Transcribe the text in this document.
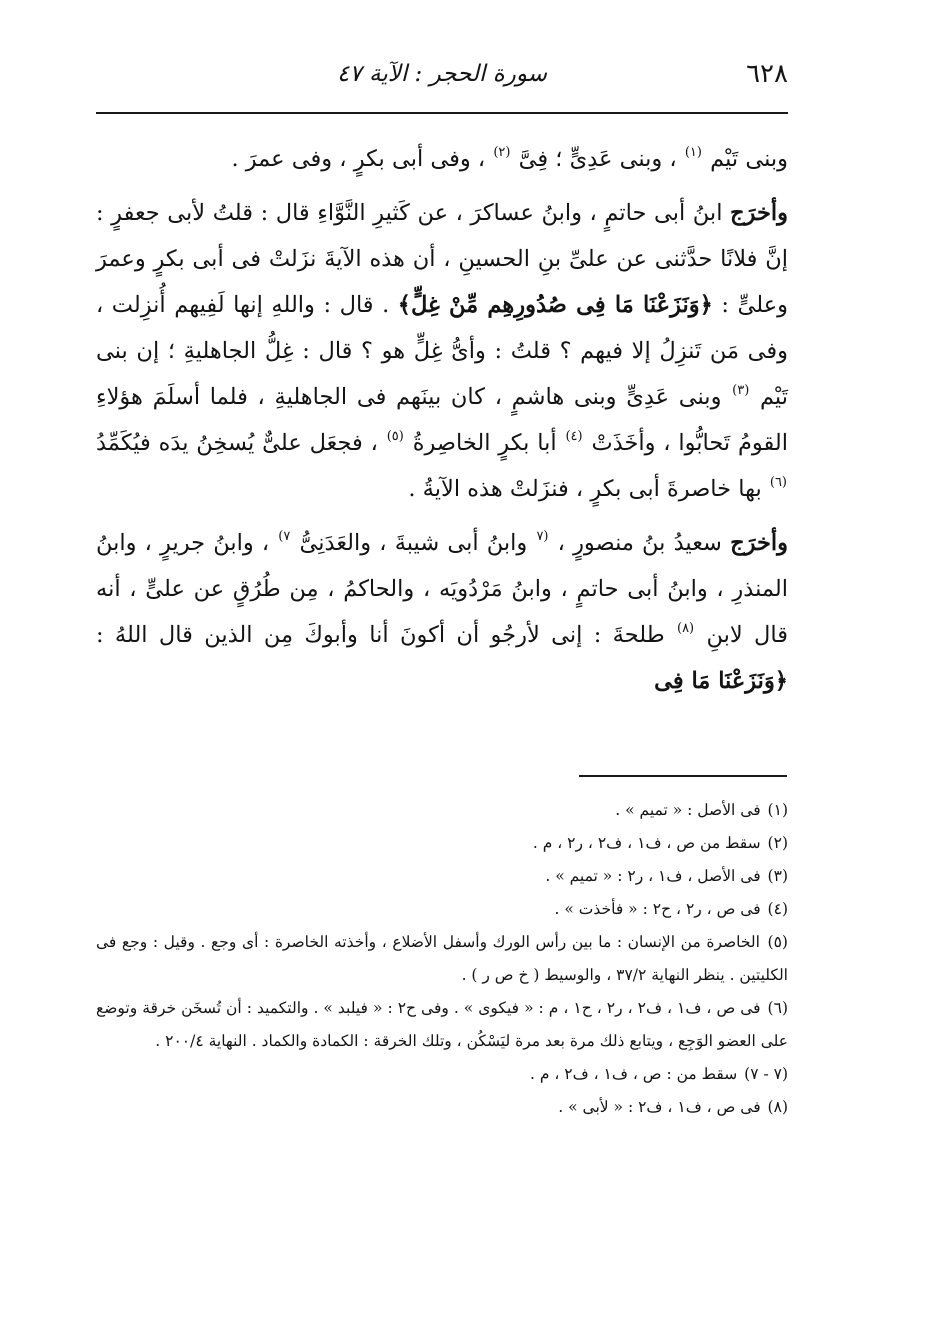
٦٢٨
سورة الحجر : الآية ٤٧

وبنى تَيْم $^{(١)}$ ، وبنى عَدِىٍّ ؛ فِىَّ $^{(٢)}$ ، وفى أبى بكرٍ ، وفى عمرَ .

وأخرَج ابنُ أبى حاتمٍ ، وابنُ عساكرَ ، عن كَثيرِ النَّوَّاءِ قال : قلتُ لأبى جعفرٍ : إنَّ فلانًا حدَّثنى عن علىِّ بنِ الحسينِ ، أن هذه الآيةَ نزَلتْ فى أبى بكرٍ وعمرَ وعلىٍّ : ﴿وَنَزَعْنَا مَا فِى صُدُورِهِم مِّنْ غِلٍّ﴾ . قال : واللهِ إنها لَفِيهم أُنزِلت ، وفى مَن تَنزِلُ إلا فيهم ؟ قلتُ : وأىُّ غِلٍّ هو ؟ قال : غِلُّ الجاهليةِ ؛ إن بنى تَيْم $^{(٣)}$ وبنى عَدِىٍّ وبنى هاشمٍ ، كان بينَهم فى الجاهليةِ ، فلما أسلَمَ هؤلاءِ القومُ تَحابُّوا ، وأخَذَتْ $^{(٤)}$ أبا بكرٍ الخاصِرةُ $^{(٥)}$ ، فجعَل علىٌّ يُسخِنُ يدَه فيُكَمِّدُ $^{(٦)}$ بها خاصرةَ أبى بكرٍ ، فنزَلتْ هذه الآيةُ .

وأخرَج سعيدُ بنُ منصورٍ ، $^{(٧}$ وابنُ أبى شيبةَ ، والعَدَنِىُّ $^{٧)}$ ، وابنُ جريرٍ ، وابنُ المنذرِ ، وابنُ أبى حاتمٍ ، وابنُ مَرْدُويَه ، والحاكمُ ، مِن طُرُقٍ عن علىٍّ ، أنه قال لابنِ $^{(٨)}$ طلحةَ : إنى لأرجُو أن أكونَ أنا وأبوكَ مِن الذين قال اللهُ : ﴿وَنَزَعْنَا مَا فِى

(١) فى الأصل : « تميم » .

(٢) سقط من ص ، ف١ ، ف٢ ، ر٢ ، م .

(٣) فى الأصل ، ف١ ، ر٢ : « تميم » .

(٤) فى ص ، ر٢ ، ح٢ : « فأخذت » .

(٥) الخاصرة من الإنسان : ما بين رأس الورك وأسفل الأضلاع ، وأخذته الخاصرة : أى وجع . وقيل : وجع فى الكليتين . ينظر النهاية ٣٧/٢ ، والوسيط ( خ ص ر ) .

(٦) فى ص ، ف١ ، ف٢ ، ر٢ ، ح١ ، م : « فيكوى » . وفى ح٢ : « فيلبد » . والتكميد : أن تُسخَن خرقة وتوضع على العضو الوَجِع ، ويتابع ذلك مرة بعد مرة ليَسْكُن ، وتلك الخرقة : الكمادة والكماد . النهاية ٢٠٠/٤ .

(٧ - ٧) سقط من : ص ، ف١ ، ف٢ ، م .

(٨) فى ص ، ف١ ، ف٢ : « لأبى » .
